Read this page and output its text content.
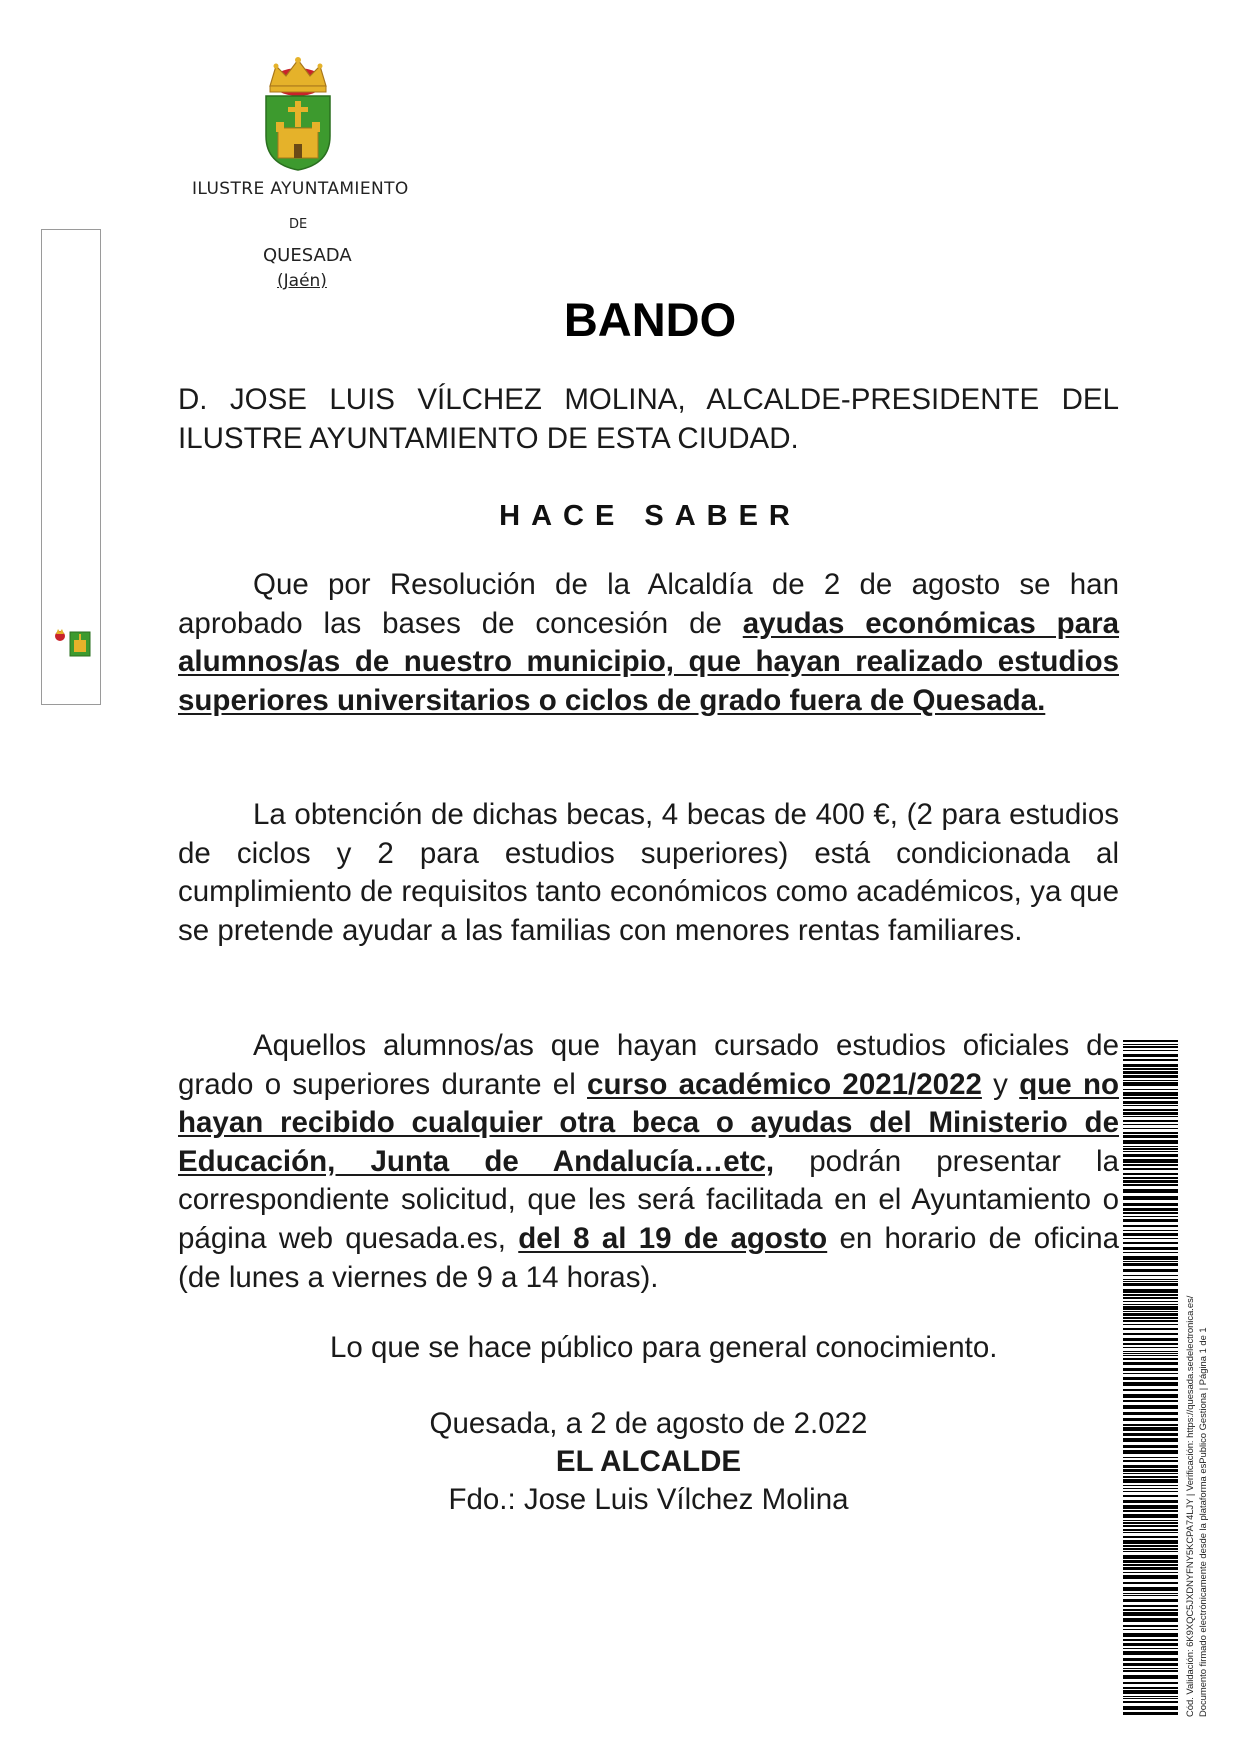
ILUSTRE AYUNTAMIENTO
DE
QUESADA
(Jaén)
BANDO
D. JOSE LUIS VÍLCHEZ MOLINA, ALCALDE-PRESIDENTE DEL ILUSTRE AYUNTAMIENTO DE ESTA CIUDAD.
HACE SABER
Que por Resolución de la Alcaldía de 2 de agosto se han aprobado las bases de concesión de ayudas económicas para alumnos/as de nuestro municipio, que hayan realizado estudios superiores universitarios o ciclos de grado fuera de Quesada.
La obtención de dichas becas, 4 becas de 400 €, (2 para estudios de ciclos y 2 para estudios superiores) está condicionada al cumplimiento de requisitos tanto económicos como académicos, ya que se pretende ayudar a las familias con menores rentas familiares.
Aquellos alumnos/as que hayan cursado estudios oficiales de grado o superiores durante el curso académico 2021/2022 y que no hayan recibido cualquier otra beca o ayudas del Ministerio de Educación, Junta de Andalucía…etc, podrán presentar la correspondiente solicitud, que les será facilitada en el Ayuntamiento o página web quesada.es, del 8 al 19 de agosto en horario de oficina (de lunes a viernes de 9 a 14 horas).
Lo que se hace público para general conocimiento.
Quesada, a 2 de agosto de 2.022
EL ALCALDE
Fdo.: Jose Luis Vílchez Molina	Cód. Validación: 6K9XQC5JXDNYFNY5KCPA74LJY | Verificación: https://quesada.sedelectronica.es/ Documento firmado electrónicamente desde la plataforma esPublico Gestiona | Página 1 de 1
